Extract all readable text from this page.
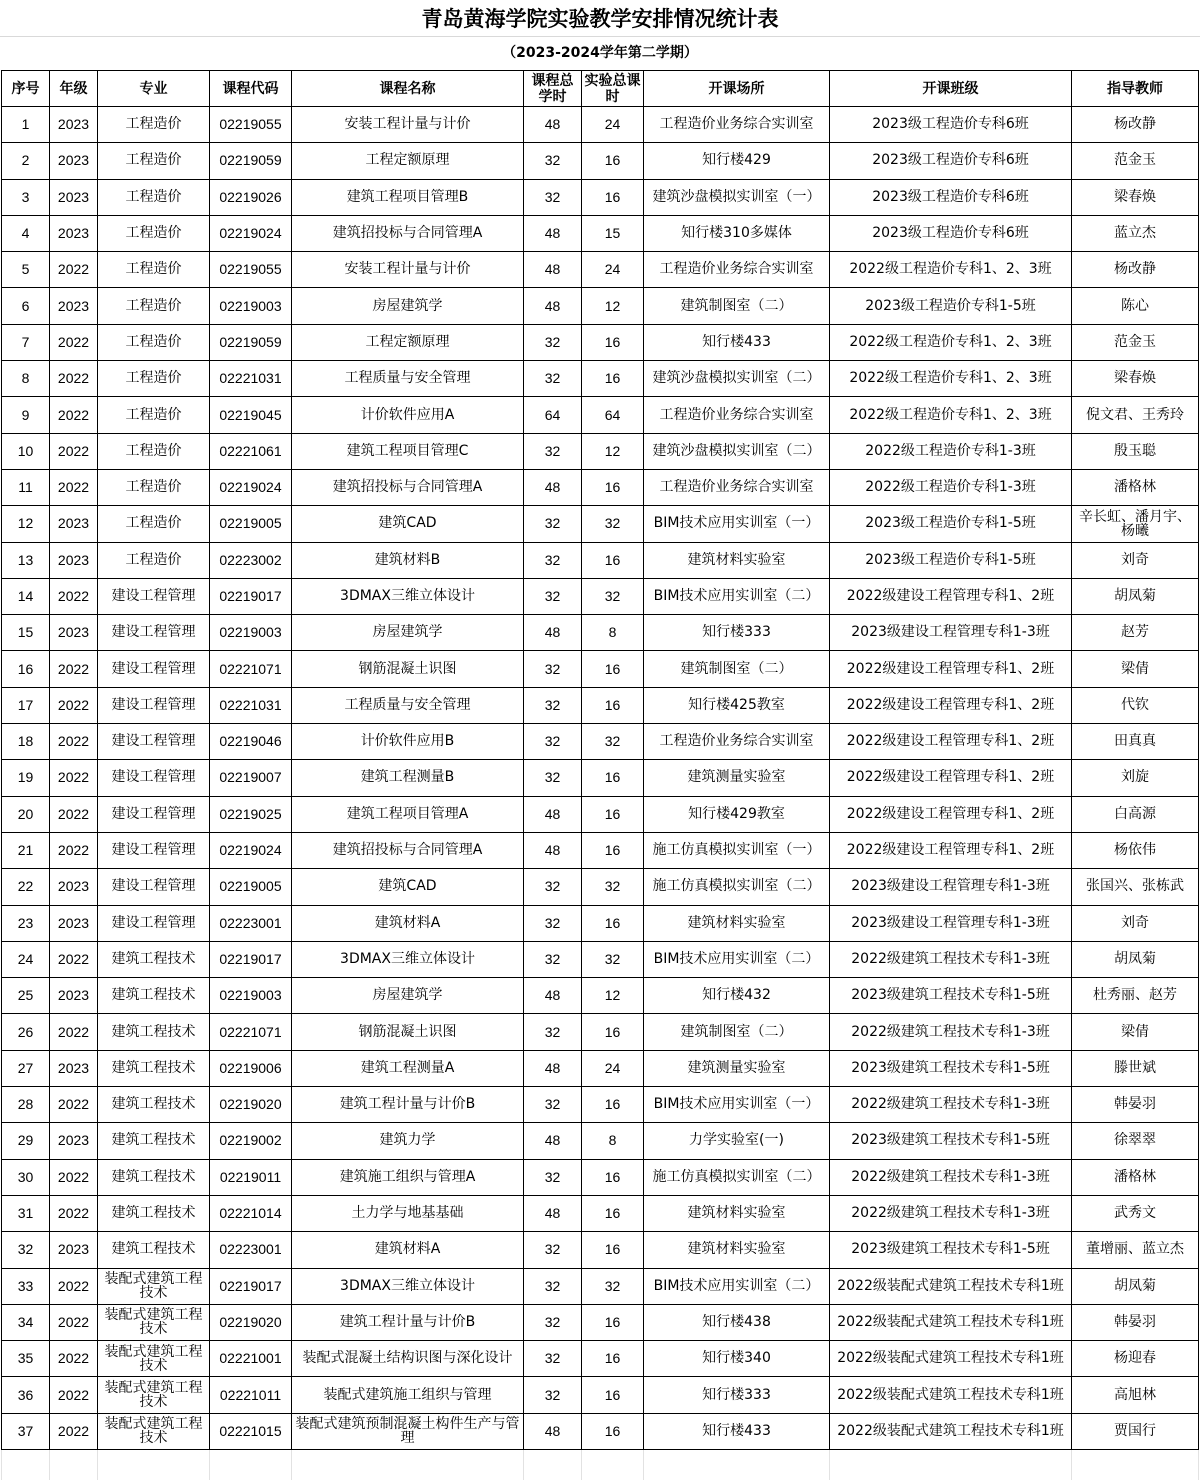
青岛黄海学院实验教学安排情况统计表
（2023-2024学年第二学期）
序号	年级	专业	课程代码	课程名称	课程总学时	实验总课时	开课场所	开课班级	指导教师
1	2023	工程造价	02219055	安装工程计量与计价	48	24	工程造价业务综合实训室	2023级工程造价专科6班	杨改静
2	2023	工程造价	02219059	工程定额原理	32	16	知行楼429	2023级工程造价专科6班	范金玉
3	2023	工程造价	02219026	建筑工程项目管理B	32	16	建筑沙盘模拟实训室（一）	2023级工程造价专科6班	梁春焕
4	2023	工程造价	02219024	建筑招投标与合同管理A	48	15	知行楼310多媒体	2023级工程造价专科6班	蓝立杰
5	2022	工程造价	02219055	安装工程计量与计价	48	24	工程造价业务综合实训室	2022级工程造价专科1、2、3班	杨改静
6	2023	工程造价	02219003	房屋建筑学	48	12	建筑制图室（二）	2023级工程造价专科1-5班	陈心
7	2022	工程造价	02219059	工程定额原理	32	16	知行楼433	2022级工程造价专科1、2、3班	范金玉
8	2022	工程造价	02221031	工程质量与安全管理	32	16	建筑沙盘模拟实训室（二）	2022级工程造价专科1、2、3班	梁春焕
9	2022	工程造价	02219045	计价软件应用A	64	64	工程造价业务综合实训室	2022级工程造价专科1、2、3班	倪文君、王秀玲
10	2022	工程造价	02221061	建筑工程项目管理C	32	12	建筑沙盘模拟实训室（二）	2022级工程造价专科1-3班	殷玉聪
11	2022	工程造价	02219024	建筑招投标与合同管理A	48	16	工程造价业务综合实训室	2022级工程造价专科1-3班	潘格林
12	2023	工程造价	02219005	建筑CAD	32	32	BIM技术应用实训室（一）	2023级工程造价专科1-5班	辛长虹、潘月宇、杨曦
13	2023	工程造价	02223002	建筑材料B	32	16	建筑材料实验室	2023级工程造价专科1-5班	刘奇
14	2022	建设工程管理	02219017	3DMAX三维立体设计	32	32	BIM技术应用实训室（二）	2022级建设工程管理专科1、2班	胡凤菊
15	2023	建设工程管理	02219003	房屋建筑学	48	8	知行楼333	2023级建设工程管理专科1-3班	赵芳
16	2022	建设工程管理	02221071	钢筋混凝土识图	32	16	建筑制图室（二）	2022级建设工程管理专科1、2班	梁倩
17	2022	建设工程管理	02221031	工程质量与安全管理	32	16	知行楼425教室	2022级建设工程管理专科1、2班	代钦
18	2022	建设工程管理	02219046	计价软件应用B	32	32	工程造价业务综合实训室	2022级建设工程管理专科1、2班	田真真
19	2022	建设工程管理	02219007	建筑工程测量B	32	16	建筑测量实验室	2022级建设工程管理专科1、2班	刘旋
20	2022	建设工程管理	02219025	建筑工程项目管理A	48	16	知行楼429教室	2022级建设工程管理专科1、2班	白高源
21	2022	建设工程管理	02219024	建筑招投标与合同管理A	48	16	施工仿真模拟实训室（一）	2022级建设工程管理专科1、2班	杨依伟
22	2023	建设工程管理	02219005	建筑CAD	32	32	施工仿真模拟实训室（二）	2023级建设工程管理专科1-3班	张国兴、张栋武
23	2023	建设工程管理	02223001	建筑材料A	32	16	建筑材料实验室	2023级建设工程管理专科1-3班	刘奇
24	2022	建筑工程技术	02219017	3DMAX三维立体设计	32	32	BIM技术应用实训室（二）	2022级建筑工程技术专科1-3班	胡凤菊
25	2023	建筑工程技术	02219003	房屋建筑学	48	12	知行楼432	2023级建筑工程技术专科1-5班	杜秀丽、赵芳
26	2022	建筑工程技术	02221071	钢筋混凝土识图	32	16	建筑制图室（二）	2022级建筑工程技术专科1-3班	梁倩
27	2023	建筑工程技术	02219006	建筑工程测量A	48	24	建筑测量实验室	2023级建筑工程技术专科1-5班	滕世斌
28	2022	建筑工程技术	02219020	建筑工程计量与计价B	32	16	BIM技术应用实训室（一）	2022级建筑工程技术专科1-3班	韩晏羽
29	2023	建筑工程技术	02219002	建筑力学	48	8	力学实验室(一)	2023级建筑工程技术专科1-5班	徐翠翠
30	2022	建筑工程技术	02219011	建筑施工组织与管理A	32	16	施工仿真模拟实训室（二）	2022级建筑工程技术专科1-3班	潘格林
31	2022	建筑工程技术	02221014	土力学与地基基础	48	16	建筑材料实验室	2022级建筑工程技术专科1-3班	武秀文
32	2023	建筑工程技术	02223001	建筑材料A	32	16	建筑材料实验室	2023级建筑工程技术专科1-5班	董增丽、蓝立杰
33	2022	装配式建筑工程技术	02219017	3DMAX三维立体设计	32	32	BIM技术应用实训室（二）	2022级装配式建筑工程技术专科1班	胡凤菊
34	2022	装配式建筑工程技术	02219020	建筑工程计量与计价B	32	16	知行楼438	2022级装配式建筑工程技术专科1班	韩晏羽
35	2022	装配式建筑工程技术	02221001	装配式混凝土结构识图与深化设计	32	16	知行楼340	2022级装配式建筑工程技术专科1班	杨迎春
36	2022	装配式建筑工程技术	02221011	装配式建筑施工组织与管理	32	16	知行楼333	2022级装配式建筑工程技术专科1班	高旭林
37	2022	装配式建筑工程技术	02221015	装配式建筑预制混凝土构件生产与管理	48	16	知行楼433	2022级装配式建筑工程技术专科1班	贾国行
